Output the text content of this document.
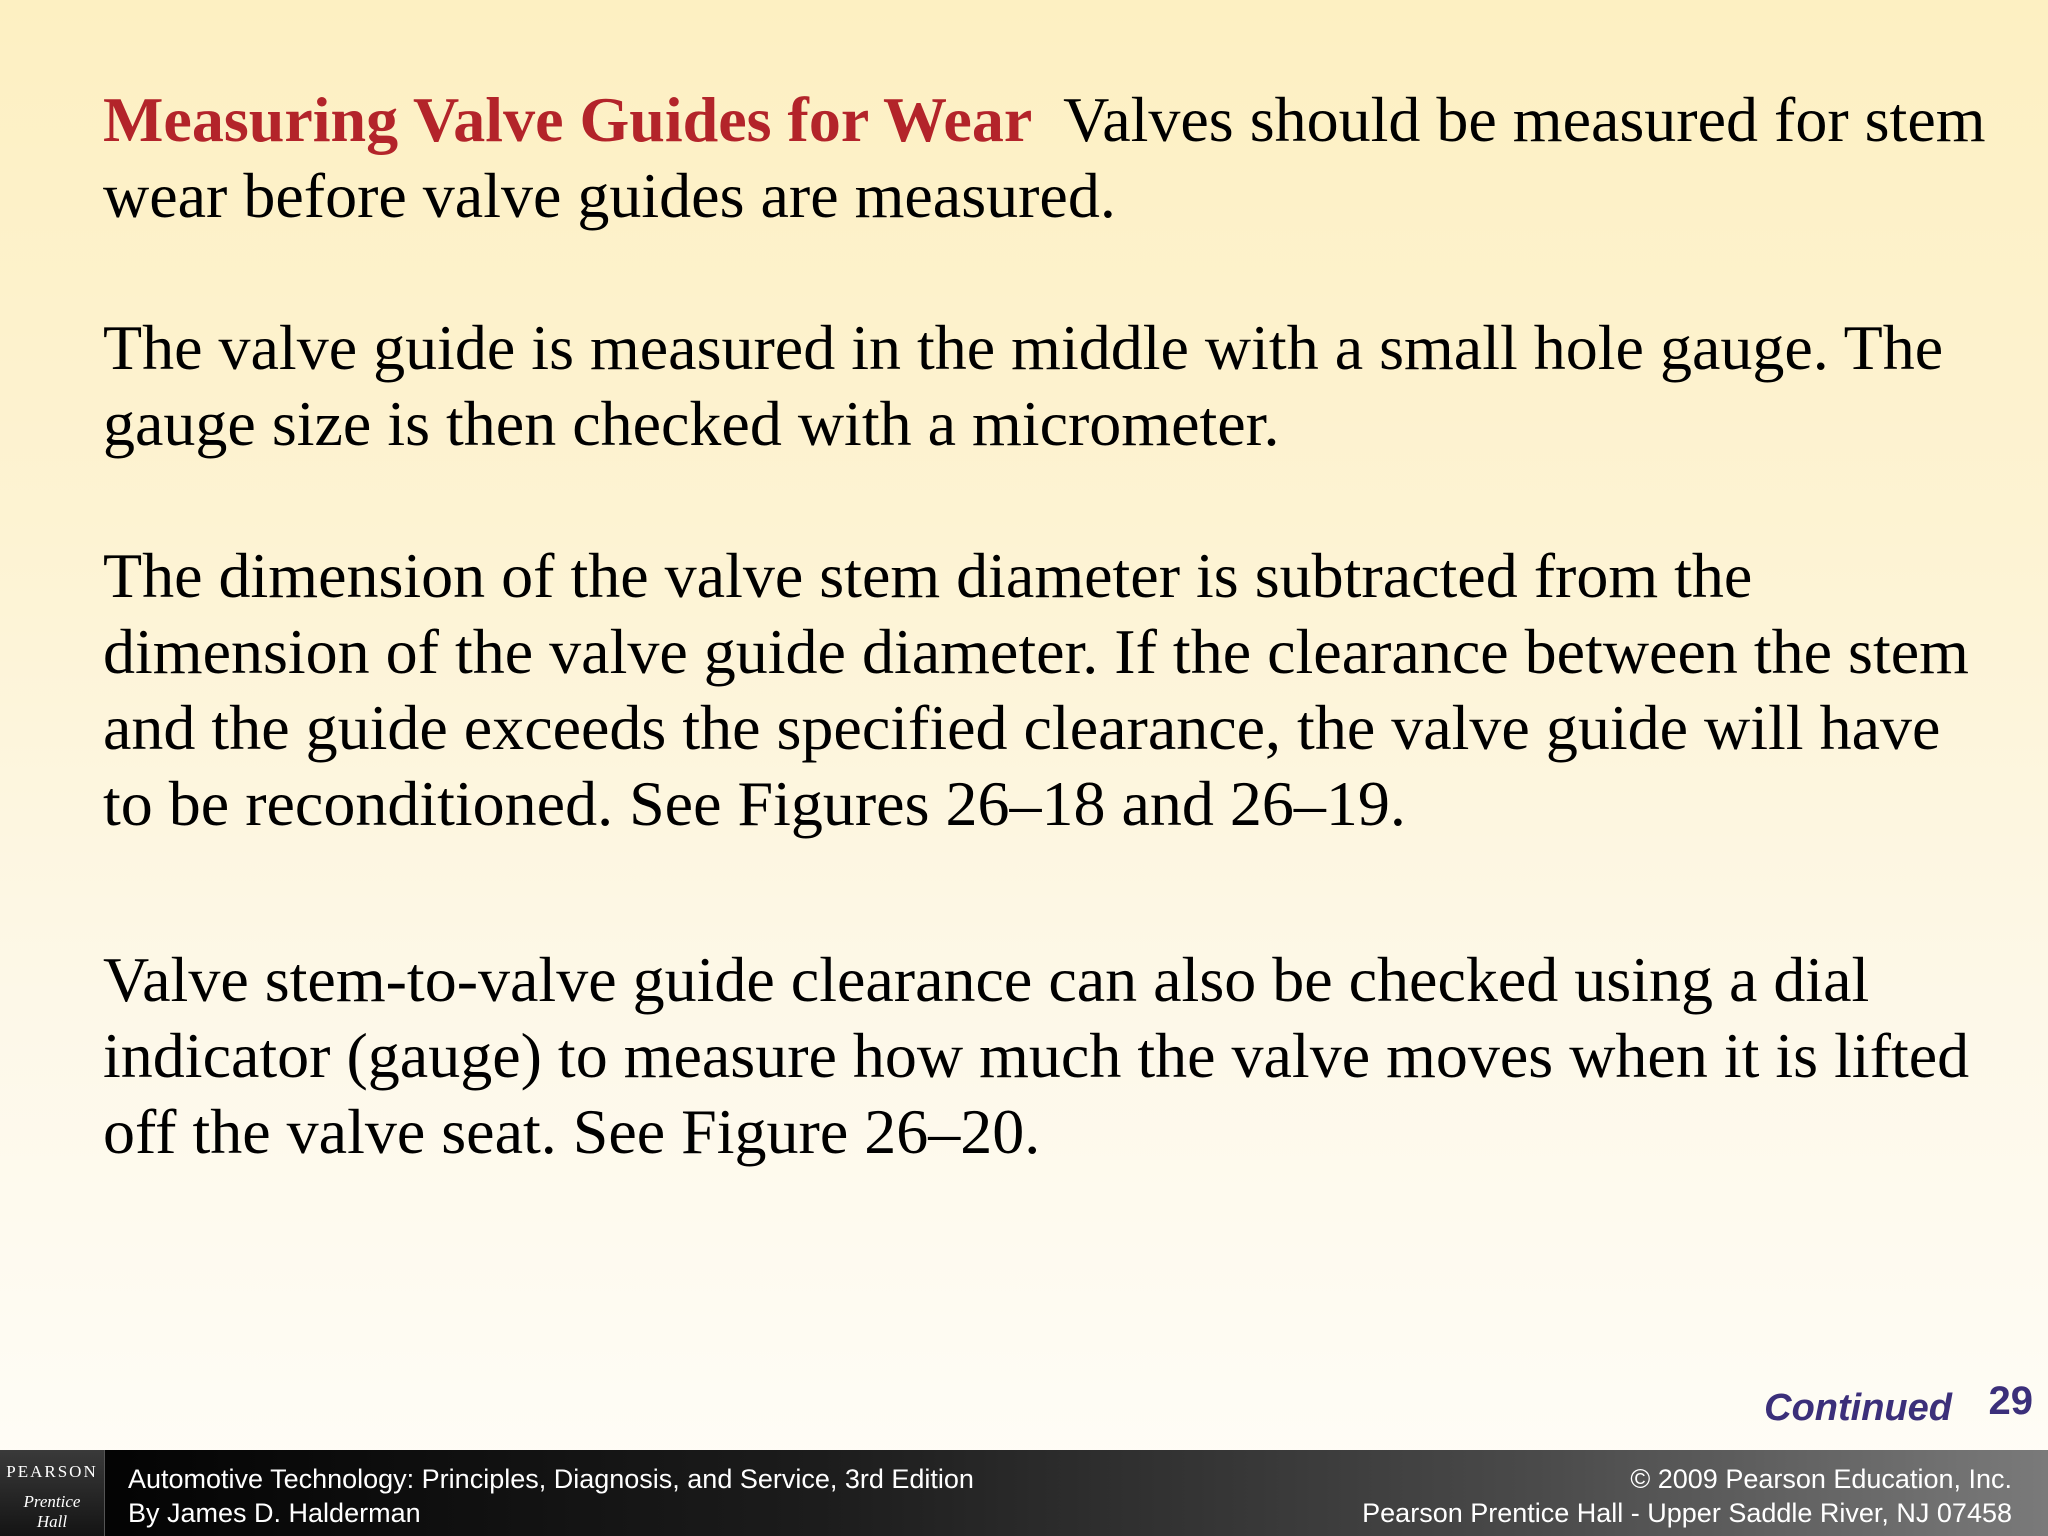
Measuring Valve Guides for Wear  Valves should be measured for stem wear before valve guides are measured.

The valve guide is measured in the middle with a small hole gauge. The gauge size is then checked with a micrometer.

The dimension of the valve stem diameter is subtracted from the dimension of the valve guide diameter. If the clearance between the stem and the guide exceeds the specified clearance, the valve guide will have to be reconditioned. See Figures 26–18 and 26–19.

Valve stem-to-valve guide clearance can also be checked using a dial indicator (gauge) to measure how much the valve moves when it is lifted off the valve seat. See Figure 26–20.

Continued 29
PEARSON
Prentice
Hall
Automotive Technology: Principles, Diagnosis, and Service, 3rd Edition
By James D. Halderman
© 2009 Pearson Education, Inc.
Pearson Prentice Hall - Upper Saddle River, NJ 07458
